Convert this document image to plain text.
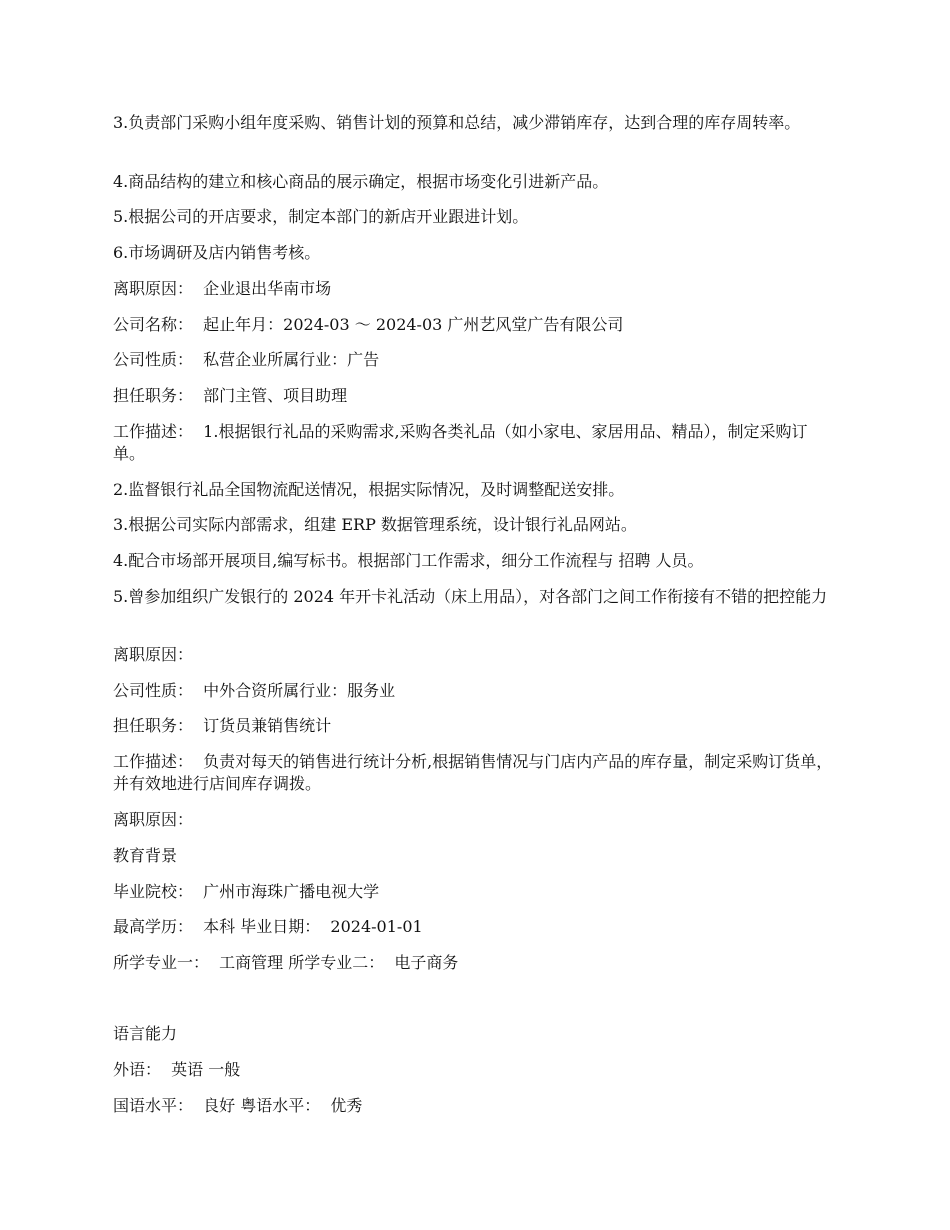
3.负责部门采购小组年度采购、销售计划的预算和总结，减少滞销库存，达到合理的库存周转率。

4.商品结构的建立和核心商品的展示确定，根据市场变化引进新产品。

5.根据公司的开店要求，制定本部门的新店开业跟进计划。

6.市场调研及店内销售考核。

离职原因：  企业退出华南市场

公司名称：  起止年月：2024-03 ～ 2024-03 广州艺风堂广告有限公司

公司性质：  私营企业所属行业：广告

担任职务：  部门主管、项目助理

工作描述：  1.根据银行礼品的采购需求,采购各类礼品（如小家电、家居用品、精品），制定采购订单。

2.监督银行礼品全国物流配送情况，根据实际情况，及时调整配送安排。

3.根据公司实际内部需求，组建 ERP 数据管理系统，设计银行礼品网站。

4.配合市场部开展项目,编写标书。根据部门工作需求，细分工作流程与 招聘 人员。

5.曾参加组织广发银行的 2024 年开卡礼活动（床上用品），对各部门之间工作衔接有不错的把控能力

离职原因：

公司性质：  中外合资所属行业：服务业

担任职务：  订货员兼销售统计

工作描述：  负责对每天的销售进行统计分析,根据销售情况与门店内产品的库存量，制定采购订货单，并有效地进行店间库存调拨。

离职原因：

教育背景

毕业院校：  广州市海珠广播电视大学

最高学历：  本科 毕业日期：  2024-01-01

所学专业一：  工商管理 所学专业二：  电子商务

语言能力

外语：  英语 一般

国语水平：  良好 粤语水平：  优秀
